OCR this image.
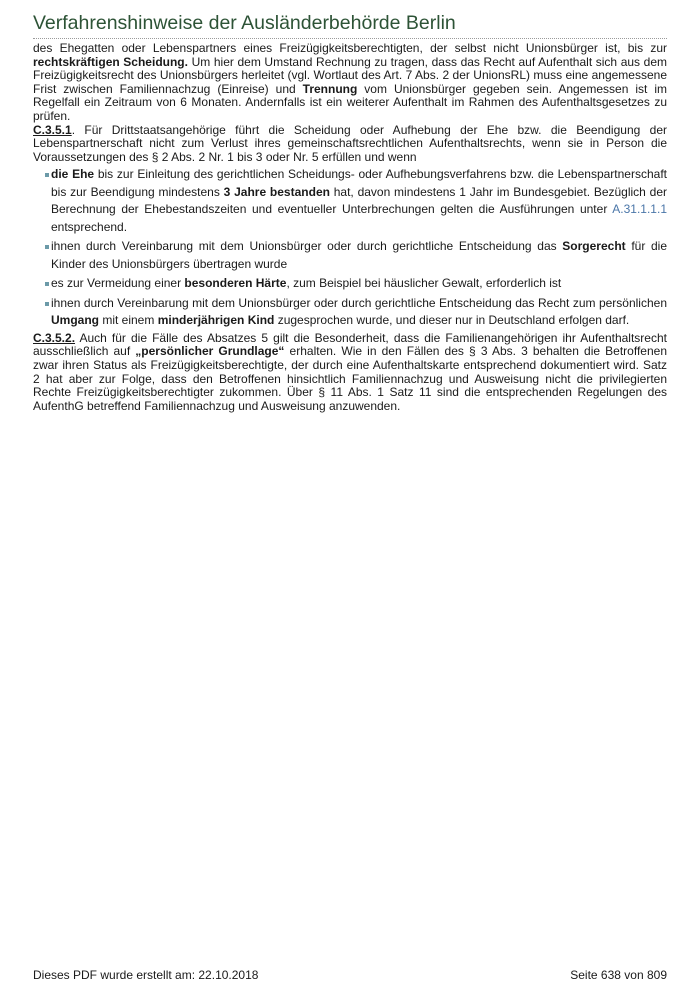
Verfahrenshinweise der Ausländerbehörde Berlin

des Ehegatten oder Lebenspartners eines Freizügigkeitsberechtigten, der selbst nicht Unionsbürger ist, bis zur rechtskräftigen Scheidung. Um hier dem Umstand Rechnung zu tragen, dass das Recht auf Aufenthalt sich aus dem Freizügigkeitsrecht des Unionsbürgers herleitet (vgl. Wortlaut des Art. 7 Abs. 2 der UnionsRL) muss eine angemessene Frist zwischen Familiennachzug (Einreise) und Trennung vom Unionsbürger gegeben sein. Angemessen ist im Regelfall ein Zeitraum von 6 Monaten. Andernfalls ist ein weiterer Aufenthalt im Rahmen des Aufenthaltsgesetzes zu prüfen.

C.3.5.1. Für Drittstaatsangehörige führt die Scheidung oder Aufhebung der Ehe bzw. die Beendigung der Lebenspartnerschaft nicht zum Verlust ihres gemeinschaftsrechtlichen Aufenthaltsrechts, wenn sie in Person die Voraussetzungen des § 2 Abs. 2 Nr. 1 bis 3 oder Nr. 5 erfüllen und wenn

die Ehe bis zur Einleitung des gerichtlichen Scheidungs- oder Aufhebungsverfahrens bzw. die Lebenspartnerschaft bis zur Beendigung mindestens 3 Jahre bestanden hat, davon mindestens 1 Jahr im Bundesgebiet. Bezüglich der Berechnung der Ehebestandszeiten und eventueller Unterbrechungen gelten die Ausführungen unter A.31.1.1.1 entsprechend.
ihnen durch Vereinbarung mit dem Unionsbürger oder durch gerichtliche Entscheidung das Sorgerecht für die Kinder des Unionsbürgers übertragen wurde
es zur Vermeidung einer besonderen Härte, zum Beispiel bei häuslicher Gewalt, erforderlich ist
ihnen durch Vereinbarung mit dem Unionsbürger oder durch gerichtliche Entscheidung das Recht zum persönlichen Umgang mit einem minderjährigen Kind zugesprochen wurde, und dieser nur in Deutschland erfolgen darf.

C.3.5.2. Auch für die Fälle des Absatzes 5 gilt die Besonderheit, dass die Familienangehörigen ihr Aufenthaltsrecht ausschließlich auf „persönlicher Grundlage“ erhalten. Wie in den Fällen des § 3 Abs. 3 behalten die Betroffenen zwar ihren Status als Freizügigkeitsberechtigte, der durch eine Aufenthaltskarte entsprechend dokumentiert wird. Satz 2 hat aber zur Folge, dass den Betroffenen hinsichtlich Familiennachzug und Ausweisung nicht die privilegierten Rechte Freizügigkeitsberechtigter zukommen. Über § 11 Abs. 1 Satz 11 sind die entsprechenden Regelungen des AufenthG betreffend Familiennachzug und Ausweisung anzuwenden.

Dieses PDF wurde erstellt am: 22.10.2018	Seite 638 von 809
